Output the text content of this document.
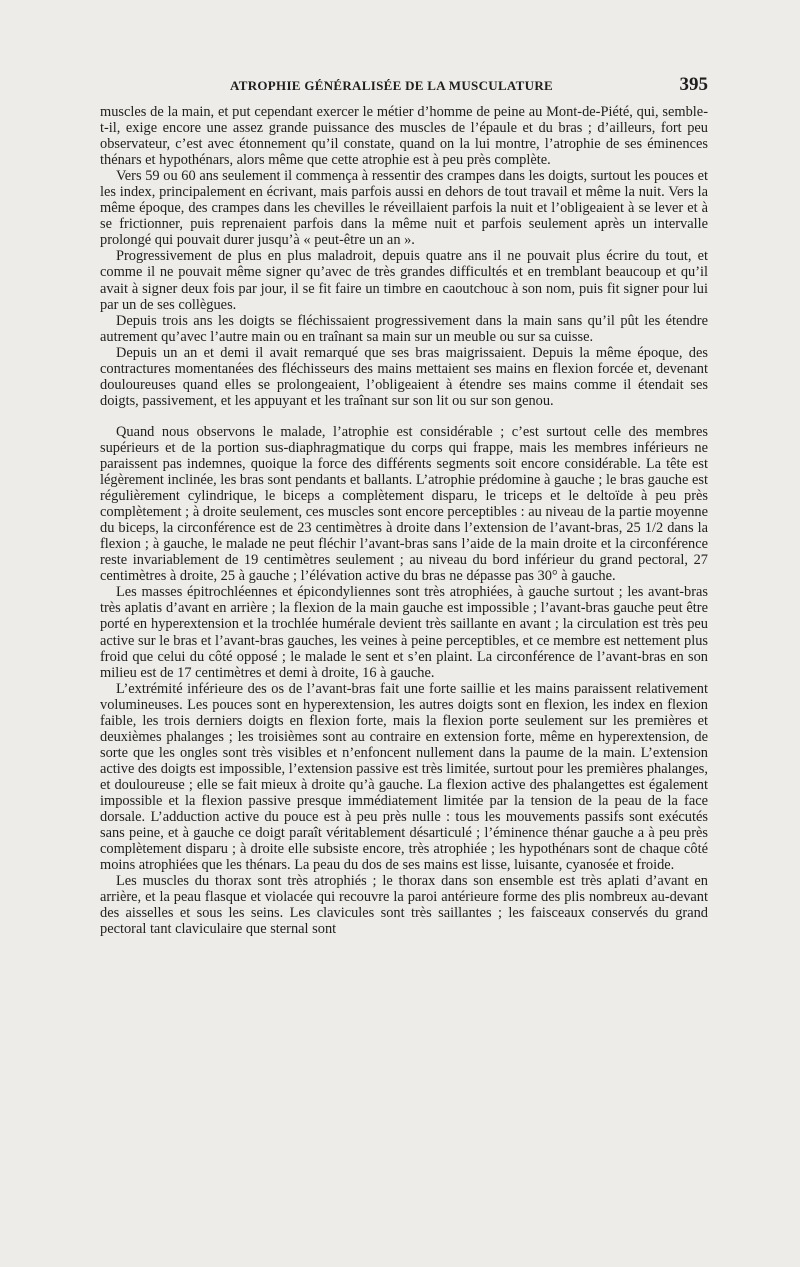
ATROPHIE GÉNÉRALISÉE DE LA MUSCULATURE	395

muscles de la main, et put cependant exercer le métier d’homme de peine au Mont-de-Piété, qui, semble-t-il, exige encore une assez grande puissance des muscles de l’épaule et du bras ; d’ailleurs, fort peu observateur, c’est avec étonnement qu’il constate, quand on la lui montre, l’atrophie de ses éminences thénars et hypothénars, alors même que cette atrophie est à peu près complète.

Vers 59 ou 60 ans seulement il commença à ressentir des crampes dans les doigts, surtout les pouces et les index, principalement en écrivant, mais parfois aussi en dehors de tout travail et même la nuit. Vers la même époque, des crampes dans les chevilles le réveillaient parfois la nuit et l’obligeaient à se lever et à se frictionner, puis reprenaient parfois dans la même nuit et parfois seulement après un intervalle prolongé qui pouvait durer jusqu’à « peut-être un an ».

Progressivement de plus en plus maladroit, depuis quatre ans il ne pouvait plus écrire du tout, et comme il ne pouvait même signer qu’avec de très grandes difficultés et en tremblant beaucoup et qu’il avait à signer deux fois par jour, il se fit faire un timbre en caoutchouc à son nom, puis fit signer pour lui par un de ses collègues.

Depuis trois ans les doigts se fléchissaient progressivement dans la main sans qu’il pût les étendre autrement qu’avec l’autre main ou en traînant sa main sur un meuble ou sur sa cuisse.

Depuis un an et demi il avait remarqué que ses bras maigrissaient. Depuis la même époque, des contractures momentanées des fléchisseurs des mains mettaient ses mains en flexion forcée et, devenant douloureuses quand elles se prolongeaient, l’obligeaient à étendre ses mains comme il étendait ses doigts, passivement, et les appuyant et les traînant sur son lit ou sur son genou.

Quand nous observons le malade, l’atrophie est considérable ; c’est surtout celle des membres supérieurs et de la portion sus-diaphragmatique du corps qui frappe, mais les membres inférieurs ne paraissent pas indemnes, quoique la force des différents segments soit encore considérable. La tête est légèrement inclinée, les bras sont pendants et ballants. L’atrophie prédomine à gauche ; le bras gauche est régulièrement cylindrique, le biceps a complètement disparu, le triceps et le deltoïde à peu près complètement ; à droite seulement, ces muscles sont encore perceptibles : au niveau de la partie moyenne du biceps, la circonférence est de 23 centimètres à droite dans l’extension de l’avant-bras, 25 1/2 dans la flexion ; à gauche, le malade ne peut fléchir l’avant-bras sans l’aide de la main droite et la circonférence reste invariablement de 19 centimètres seulement ; au niveau du bord inférieur du grand pectoral, 27 centimètres à droite, 25 à gauche ; l’élévation active du bras ne dépasse pas 30° à gauche.

Les masses épitrochléennes et épicondyliennes sont très atrophiées, à gauche surtout ; les avant-bras très aplatis d’avant en arrière ; la flexion de la main gauche est impossible ; l’avant-bras gauche peut être porté en hyperextension et la trochlée humérale devient très saillante en avant ; la circulation est très peu active sur le bras et l’avant-bras gauches, les veines à peine perceptibles, et ce membre est nettement plus froid que celui du côté opposé ; le malade le sent et s’en plaint. La circonférence de l’avant-bras en son milieu est de 17 centimètres et demi à droite, 16 à gauche.

L’extrémité inférieure des os de l’avant-bras fait une forte saillie et les mains paraissent relativement volumineuses. Les pouces sont en hyperextension, les autres doigts sont en flexion, les index en flexion faible, les trois derniers doigts en flexion forte, mais la flexion porte seulement sur les premières et deuxièmes phalanges ; les troisièmes sont au contraire en extension forte, même en hyperextension, de sorte que les ongles sont très visibles et n’enfoncent nullement dans la paume de la main. L’extension active des doigts est impossible, l’extension passive est très limitée, surtout pour les premières phalanges, et douloureuse ; elle se fait mieux à droite qu’à gauche. La flexion active des phalangettes est également impossible et la flexion passive presque immédiatement limitée par la tension de la peau de la face dorsale. L’adduction active du pouce est à peu près nulle : tous les mouvements passifs sont exécutés sans peine, et à gauche ce doigt paraît véritablement désarticulé ; l’éminence thénar gauche a à peu près complètement disparu ; à droite elle subsiste encore, très atrophiée ; les hypothénars sont de chaque côté moins atrophiées que les thénars. La peau du dos de ses mains est lisse, luisante, cyanosée et froide.

Les muscles du thorax sont très atrophiés ; le thorax dans son ensemble est très aplati d’avant en arrière, et la peau flasque et violacée qui recouvre la paroi antérieure forme des plis nombreux au-devant des aisselles et sous les seins. Les clavicules sont très saillantes ; les faisceaux conservés du grand pectoral tant claviculaire que sternal sont
